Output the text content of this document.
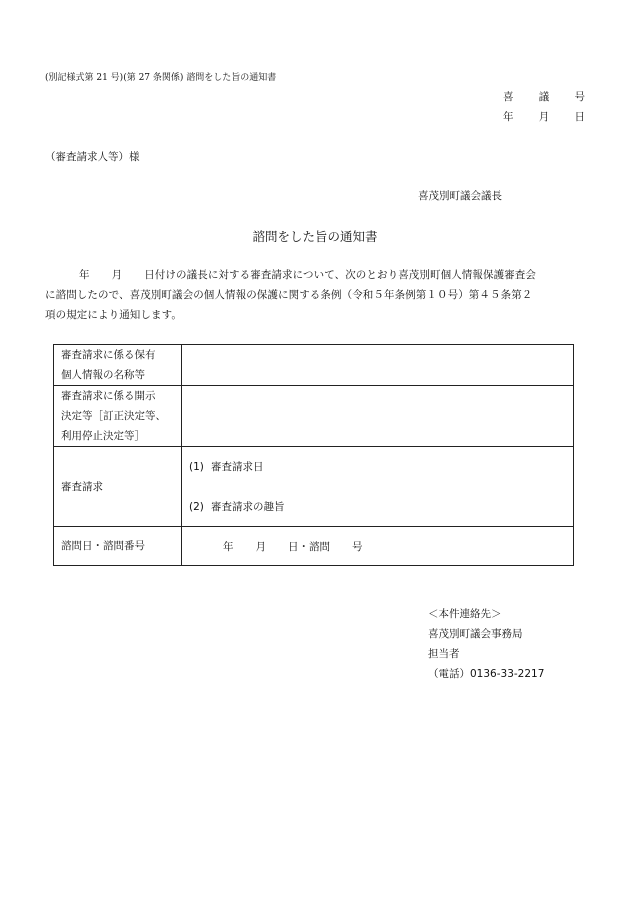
(別記様式第 21 号)(第 27 条関係) 諮問をした旨の通知書
喜 議 号
年 月 日
（審査請求人等）様
喜茂別町議会議長
諮問をした旨の通知書
年 月 日付けの議長に対する審査請求について、次のとおり喜茂別町個人情報保護審査会
に諮問したので、喜茂別町議会の個人情報の保護に関する条例（令和５年条例第１０号）第４５条第２
項の規定により通知します。
審査請求に係る保有
個人情報の名称等	

審査請求に係る開示
決定等［訂正決定等、
利用停止決定等］	

審査請求	(1) 審査請求日
(2) 審査請求の趣旨

諮問日・諮問番号	年 月 日・諮問 号
＜本件連絡先＞
喜茂別町議会事務局
担当者
（電話）0136-33-2217
